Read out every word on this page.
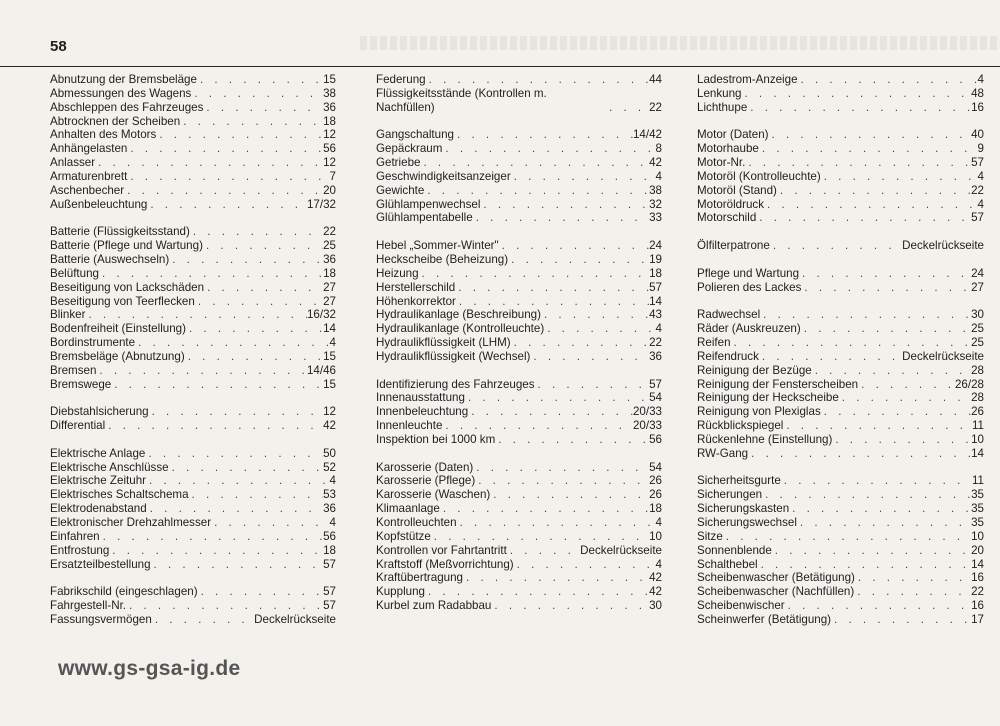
58
Abnutzung der Bremsbeläge . . .	15
Abmessungen des Wagens . . .	38
Abschleppen des Fahrzeuges . . .	36
Abtrocknen der Scheiben . . .	18
Anhalten des Motors . . .	12
Anhängelasten . . .	56
Anlasser . . .	12
Armaturenbrett . . .	7
Aschenbecher . . .	20
Außenbeleuchtung . . .	17/32
Batterie (Flüssigkeitsstand) . . .	22
Batterie (Pflege und Wartung) . . .	25
Batterie (Auswechseln) . . .	36
Belüftung . . .	18
Beseitigung von Lackschäden . . .	27
Beseitigung von Teerflecken . . .	27
Blinker . . .	16/32
Bodenfreiheit (Einstellung) . . .	14
Bordinstrumente . . .	4
Bremsbeläge (Abnutzung) . . .	15
Bremsen . . .	14/46
Bremswege . . .	15
Diebstahlsicherung . . .	12
Differential . . .	42
Elektrische Anlage . . .	50
Elektrische Anschlüsse . . .	52
Elektrische Zeituhr . . .	4
Elektrisches Schaltschema . . .	53
Elektrodenabstand . . .	36
Elektronischer Drehzahlmesser . . .	4
Einfahren . . .	56
Entfrostung . . .	18
Ersatzteilbestellung . . .	57
Fabrikschild (eingeschlagen) . . .	57
Fahrgestell-Nr. . . .	57
Fassungsvermögen . . .	Deckelrückseite
Federung . . .	44
Flüssigkeitsstände (Kontrollen m. Nachfüllen) . . .	22
Gangschaltung . . .	14/42
Gepäckraum . . .	8
Getriebe . . .	42
Geschwindigkeitsanzeiger . . .	4
Gewichte . . .	38
Glühlampenwechsel . . .	32
Glühlampentabelle . . .	33
Hebel „Sommer-Winter" . . .	24
Heckscheibe (Beheizung) . . .	19
Heizung . . .	18
Herstellerschild . . .	57
Höhenkorrektor . . .	14
Hydraulikanlage (Beschreibung) . . .	43
Hydraulikanlage (Kontrolleuchte) . . .	4
Hydraulikflüssigkeit (LHM) . . .	22
Hydraulikflüssigkeit (Wechsel) . . .	36
Identifizierung des Fahrzeuges . . .	57
Innenausstattung . . .	54
Innenbeleuchtung . . .	20/33
Innenleuchte . . .	20/33
Inspektion bei 1000 km . . .	56
Karosserie (Daten) . . .	54
Karosserie (Pflege) . . .	26
Karosserie (Waschen) . . .	26
Klimaanlage . . .	18
Kontrolleuchten . . .	4
Kopfstütze . . .	10
Kontrollen vor Fahrtantritt . . .	Deckelrückseite
Kraftstoff (Meßvorrichtung) . . .	4
Kraftübertragung . . .	42
Kupplung . . .	42
Kurbel zum Radabbau . . .	30
Ladestrom-Anzeige . . .	4
Lenkung . . .	48
Lichthupe . . .	16
Motor (Daten) . . .	40
Motorhaube . . .	9
Motor-Nr. . . .	57
Motoröl (Kontrolleuchte) . . .	4
Motoröl (Stand) . . .	22
Motoröldruck . . .	4
Motorschild . . .	57
Ölfilterpatrone . . .	Deckelrückseite
Pflege und Wartung . . .	24
Polieren des Lackes . . .	27
Radwechsel . . .	30
Räder (Auskreuzen) . . .	25
Reifen . . .	25
Reifendruck . . .	Deckelrückseite
Reinigung der Bezüge . . .	28
Reinigung der Fensterscheiben . . .	26/28
Reinigung der Heckscheibe . . .	28
Reinigung von Plexiglas . . .	26
Rückblickspiegel . . .	11
Rückenlehne (Einstellung) . . .	10
RW-Gang . . .	14
Sicherheitsgurte . . .	11
Sicherungen . . .	35
Sicherungskasten . . .	35
Sicherungswechsel . . .	35
Sitze . . .	10
Sonnenblende . . .	20
Schalthebel . . .	14
Scheibenwascher (Betätigung) . . .	16
Scheibenwascher (Nachfüllen) . . .	22
Scheibenwischer . . .	16
Scheinwerfer (Betätigung) . . .	17
www.gs-gsa-ig.de
